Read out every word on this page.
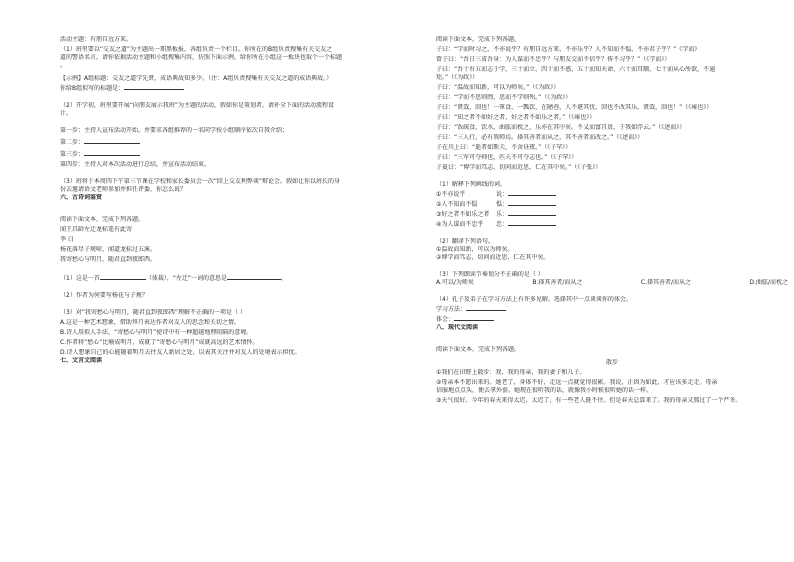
活动主题：有朋自远方来。

（1）班里要以“交友之道”为主题出一期黑板报，各组负责一个栏目。你所在的B组负责搜集有关交友之

道的警语名言，请你依据活动主题和小组搜集内容，仿照下面示例，给你所在小组这一板块也取个一个标题

。

【示例】A组标题：交友之道学先贤，成语典故知多少。（注：A组负责搜集有关交友之道的成语典故。）

你给B组拟写的标题是：

（2）开学初，班里要开展“向朋友展示我班”为主题的活动，假如你是策划者，请补全下面的活动流程设

计。

第一步：主持人宣布活动开始，并要求各组推荐的一名同学按小组顺序依次自我介绍；

第二步：

第三步：

第四步：主持人对本次活动进行总结，并宣布活动结束。

（3）班将于本周四下午第三节课在学校和家长委员会一次“回上交友利弊谈”辩论会。假如让你以班长的身

份去邀请语文老师参加并担任评委，你怎么说？

六、古诗词鉴赏

阅读下面文本，完成下列各题。

闻王昌龄左迁龙标遥有此寄

李 白

杨花落尽子规啼，闻道龙标过五溪。

我寄愁心与明月，随君直到夜郎西。

（1）这是一首	（体裁），“左迁”一词的意思是	。

（2）作者为何要写杨花与子规？

（3）对“我寄愁心与明月，随君直到夜郎西”理解不正确的一项是（ ）

A.这是一种艺术想象，借助拜月表达作者对友人的思念和关切之情。

B.诗人用拟人手法，“寄愁心与明月”使诗中有一种超越地理阻隔的意境。

C.作者将“愁心”比喻成明月，成就了“寄愁心与明月”成就高远的艺术情怀。

D.诗人想象自己的心能随着明月去往友人新居之处，以表其关注并对友人的处境表示担忧。

七、文言文阅读

阅读下面文本，完成下列各题。

子曰：“学而时习之，不亦说乎？有朋自远方来，不亦乐乎？人不知而不愠，不亦君子乎？”《学而》

曾子曰：“吾日三省吾身：为人谋而不忠乎？与朋友交而不信乎？传不习乎？”（《学而》）

子曰：“吾十有五而志于学，三十而立，四十而不惑，五十而知天命，六十而耳顺，七十而从心所欲，不逾

矩。”（《为政》）

子曰：“温故而知新，可以为师矣。”（《为政》）

子曰：“学而不思则罔，思而不学则殆。”（《为政》）

子曰：“贤哉，回也！一箪食，一瓢饮，在陋巷，人不堪其忧，回也不改其乐。贤哉，回也！”（《雍也》）

子曰：“知之者不如好之者，好之者不如乐之者。”（《雍也》）

子曰：“饭疏食，饮水，曲肱而枕之，乐亦在其中矣。不义而富且贵，于我如浮云。”（《述而》）

子曰：“三人行，必有我师焉。择其善者而从之，其不善者而改之。”（《述而》）

子在川上曰：“逝者如斯夫，不舍昼夜。”（《子罕》）

子曰：“三军可夺帅也，匹夫不可夺志也。”（《子罕》）

子夏曰：“博学而笃志，切问而近思，仁在其中矣。”（《子张》）

（1）解释下列画线的词。

①不亦说乎	说：

②人不知而不愠	愠：

③好之者不如乐之者 乐：

④为人谋而不忠乎 忠：

（2）翻译下列语句。

①温故而知新，可以为师矣。

②博学而笃志，切问而近思，仁在其中矣。

（3）下列朗读节奏划分不正确的是（ ）

A.可以/为师矣	B.择其善者/而从之	C.择其善者/而从之	D.曲肱/而枕之

（4）孔子及弟子在学习方法上有许多见解。选择其中一点谈谈你的体会。

学习方法：

体会：

八、现代文阅读

阅读下面文本，完成下列各题。

散步

①我们在田野上散步：我，我的母亲，我的妻子和儿子。

②母亲本不愿出来的。她老了，身体不好，走远一点就觉得很累。我说，正因为如此，才应该多走走。母亲

信服地点点头，便去拿外套。她现在很听我的话，就像我小时候很听她的话一样。

③天气很好。今年的春天来得太迟，太迟了，有一些老人挺不住。但是春天总算来了。我的母亲又熬过了一个严冬。
